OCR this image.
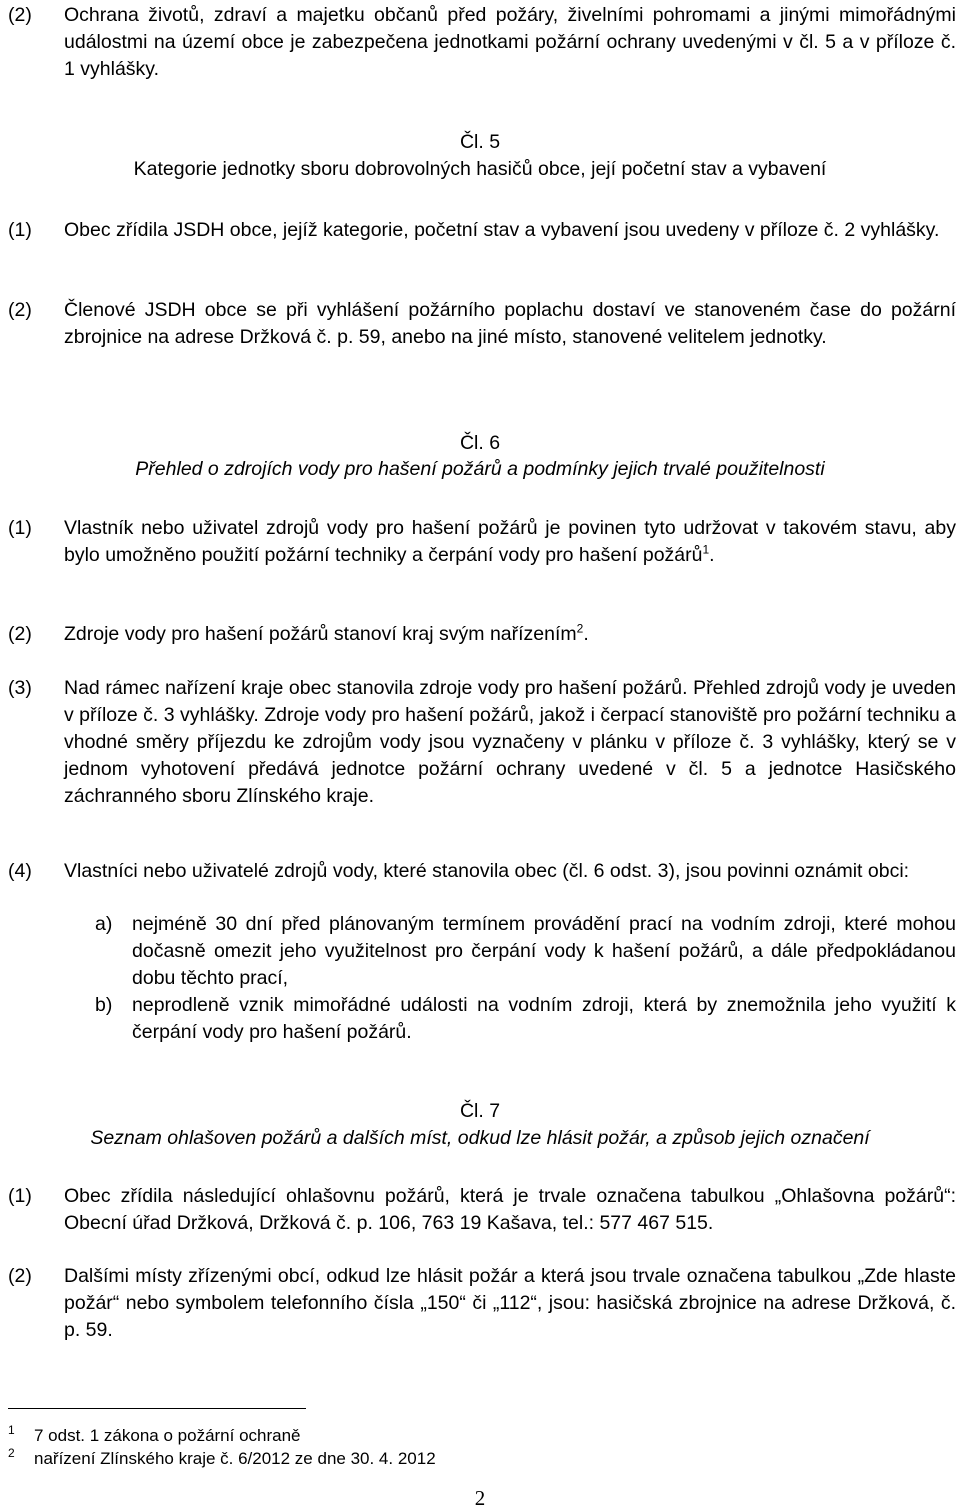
(2) Ochrana životů, zdraví a majetku občanů před požáry, živelními pohromami a jinými mimořádnými událostmi na území obce je zabezpečena jednotkami požární ochrany uvedenými v čl. 5 a v příloze č. 1 vyhlášky.
Čl. 5
Kategorie jednotky sboru dobrovolných hasičů obce, její početní stav a vybavení
(1) Obec zřídila JSDH obce, jejíž kategorie, početní stav a vybavení jsou uvedeny v příloze č. 2 vyhlášky.
(2) Členové JSDH obce se při vyhlášení požárního poplachu dostaví ve stanoveném čase do požární zbrojnice na adrese Držková č. p. 59, anebo na jiné místo, stanovené velitelem jednotky.
Čl. 6
Přehled o zdrojích vody pro hašení požárů a podmínky jejich trvalé použitelnosti
(1) Vlastník nebo uživatel zdrojů vody pro hašení požárů je povinen tyto udržovat v takovém stavu, aby bylo umožněno použití požární techniky a čerpání vody pro hašení požárů$^1$.
(2) Zdroje vody pro hašení požárů stanoví kraj svým nařízením$^2$.
(3) Nad rámec nařízení kraje obec stanovila zdroje vody pro hašení požárů. Přehled zdrojů vody je uveden v příloze č. 3 vyhlášky. Zdroje vody pro hašení požárů, jakož i čerpací stanoviště pro požární techniku a vhodné směry příjezdu ke zdrojům vody jsou vyznačeny v plánku v příloze č. 3 vyhlášky, který se v jednom vyhotovení předává jednotce požární ochrany uvedené v čl. 5 a jednotce Hasičského záchranného sboru Zlínského kraje.
(4) Vlastníci nebo uživatelé zdrojů vody, které stanovila obec (čl. 6 odst. 3), jsou povinni oznámit obci:
a) nejméně 30 dní před plánovaným termínem provádění prací na vodním zdroji, které mohou dočasně omezit jeho využitelnost pro čerpání vody k hašení požárů, a dále předpokládanou dobu těchto prací,
b) neprodleně vznik mimořádné události na vodním zdroji, která by znemožnila jeho využití k čerpání vody pro hašení požárů.
Čl. 7
Seznam ohlašoven požárů a dalších míst, odkud lze hlásit požár, a způsob jejich označení
(1) Obec zřídila následující ohlašovnu požárů, která je trvale označena tabulkou „Ohlašovna požárů“: Obecní úřad Držková, Držková č. p. 106, 763 19 Kašava, tel.: 577 467 515.
(2) Dalšími místy zřízenými obcí, odkud lze hlásit požár a která jsou trvale označena tabulkou „Zde hlaste požár“ nebo symbolem telefonního čísla „150“ či „112“, jsou: hasičská zbrojnice na adrese Držková, č. p. 59.
1 7 odst. 1 zákona o požární ochraně
2 nařízení Zlínského kraje č. 6/2012 ze dne 30. 4. 2012
2
